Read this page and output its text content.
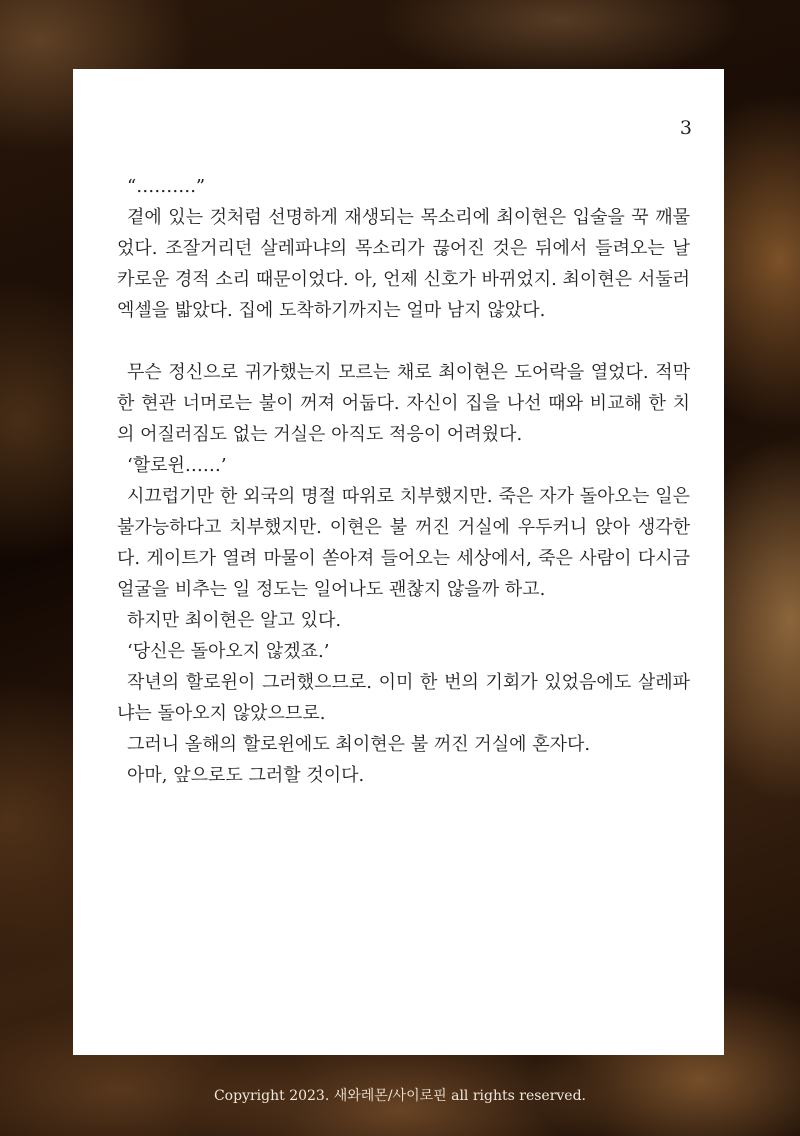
3

“……….”

곁에 있는 것처럼 선명하게 재생되는 목소리에 최이현은 입술을 꾹 깨물었다. 조잘거리던 살레파냐의 목소리가 끊어진 것은 뒤에서 들려오는 날카로운 경적 소리 때문이었다. 아, 언제 신호가 바뀌었지. 최이현은 서둘러 엑셀을 밟았다. 집에 도착하기까지는 얼마 남지 않았다.

무슨 정신으로 귀가했는지 모르는 채로 최이현은 도어락을 열었다. 적막한 현관 너머로는 불이 꺼져 어둡다. 자신이 집을 나선 때와 비교해 한 치의 어질러짐도 없는 거실은 아직도 적응이 어려웠다.

‘할로윈……’

시끄럽기만 한 외국의 명절 따위로 치부했지만. 죽은 자가 돌아오는 일은 불가능하다고 치부했지만. 이현은 불 꺼진 거실에 우두커니 앉아 생각한다. 게이트가 열려 마물이 쏟아져 들어오는 세상에서, 죽은 사람이 다시금 얼굴을 비추는 일 정도는 일어나도 괜찮지 않을까 하고.

하지만 최이현은 알고 있다.

‘당신은 돌아오지 않겠죠.’

작년의 할로윈이 그러했으므로. 이미 한 번의 기회가 있었음에도 살레파냐는 돌아오지 않았으므로.

그러니 올해의 할로윈에도 최이현은 불 꺼진 거실에 혼자다.

아마, 앞으로도 그러할 것이다.

Copyright 2023. 새와레몬/사이로핀 all rights reserved.
